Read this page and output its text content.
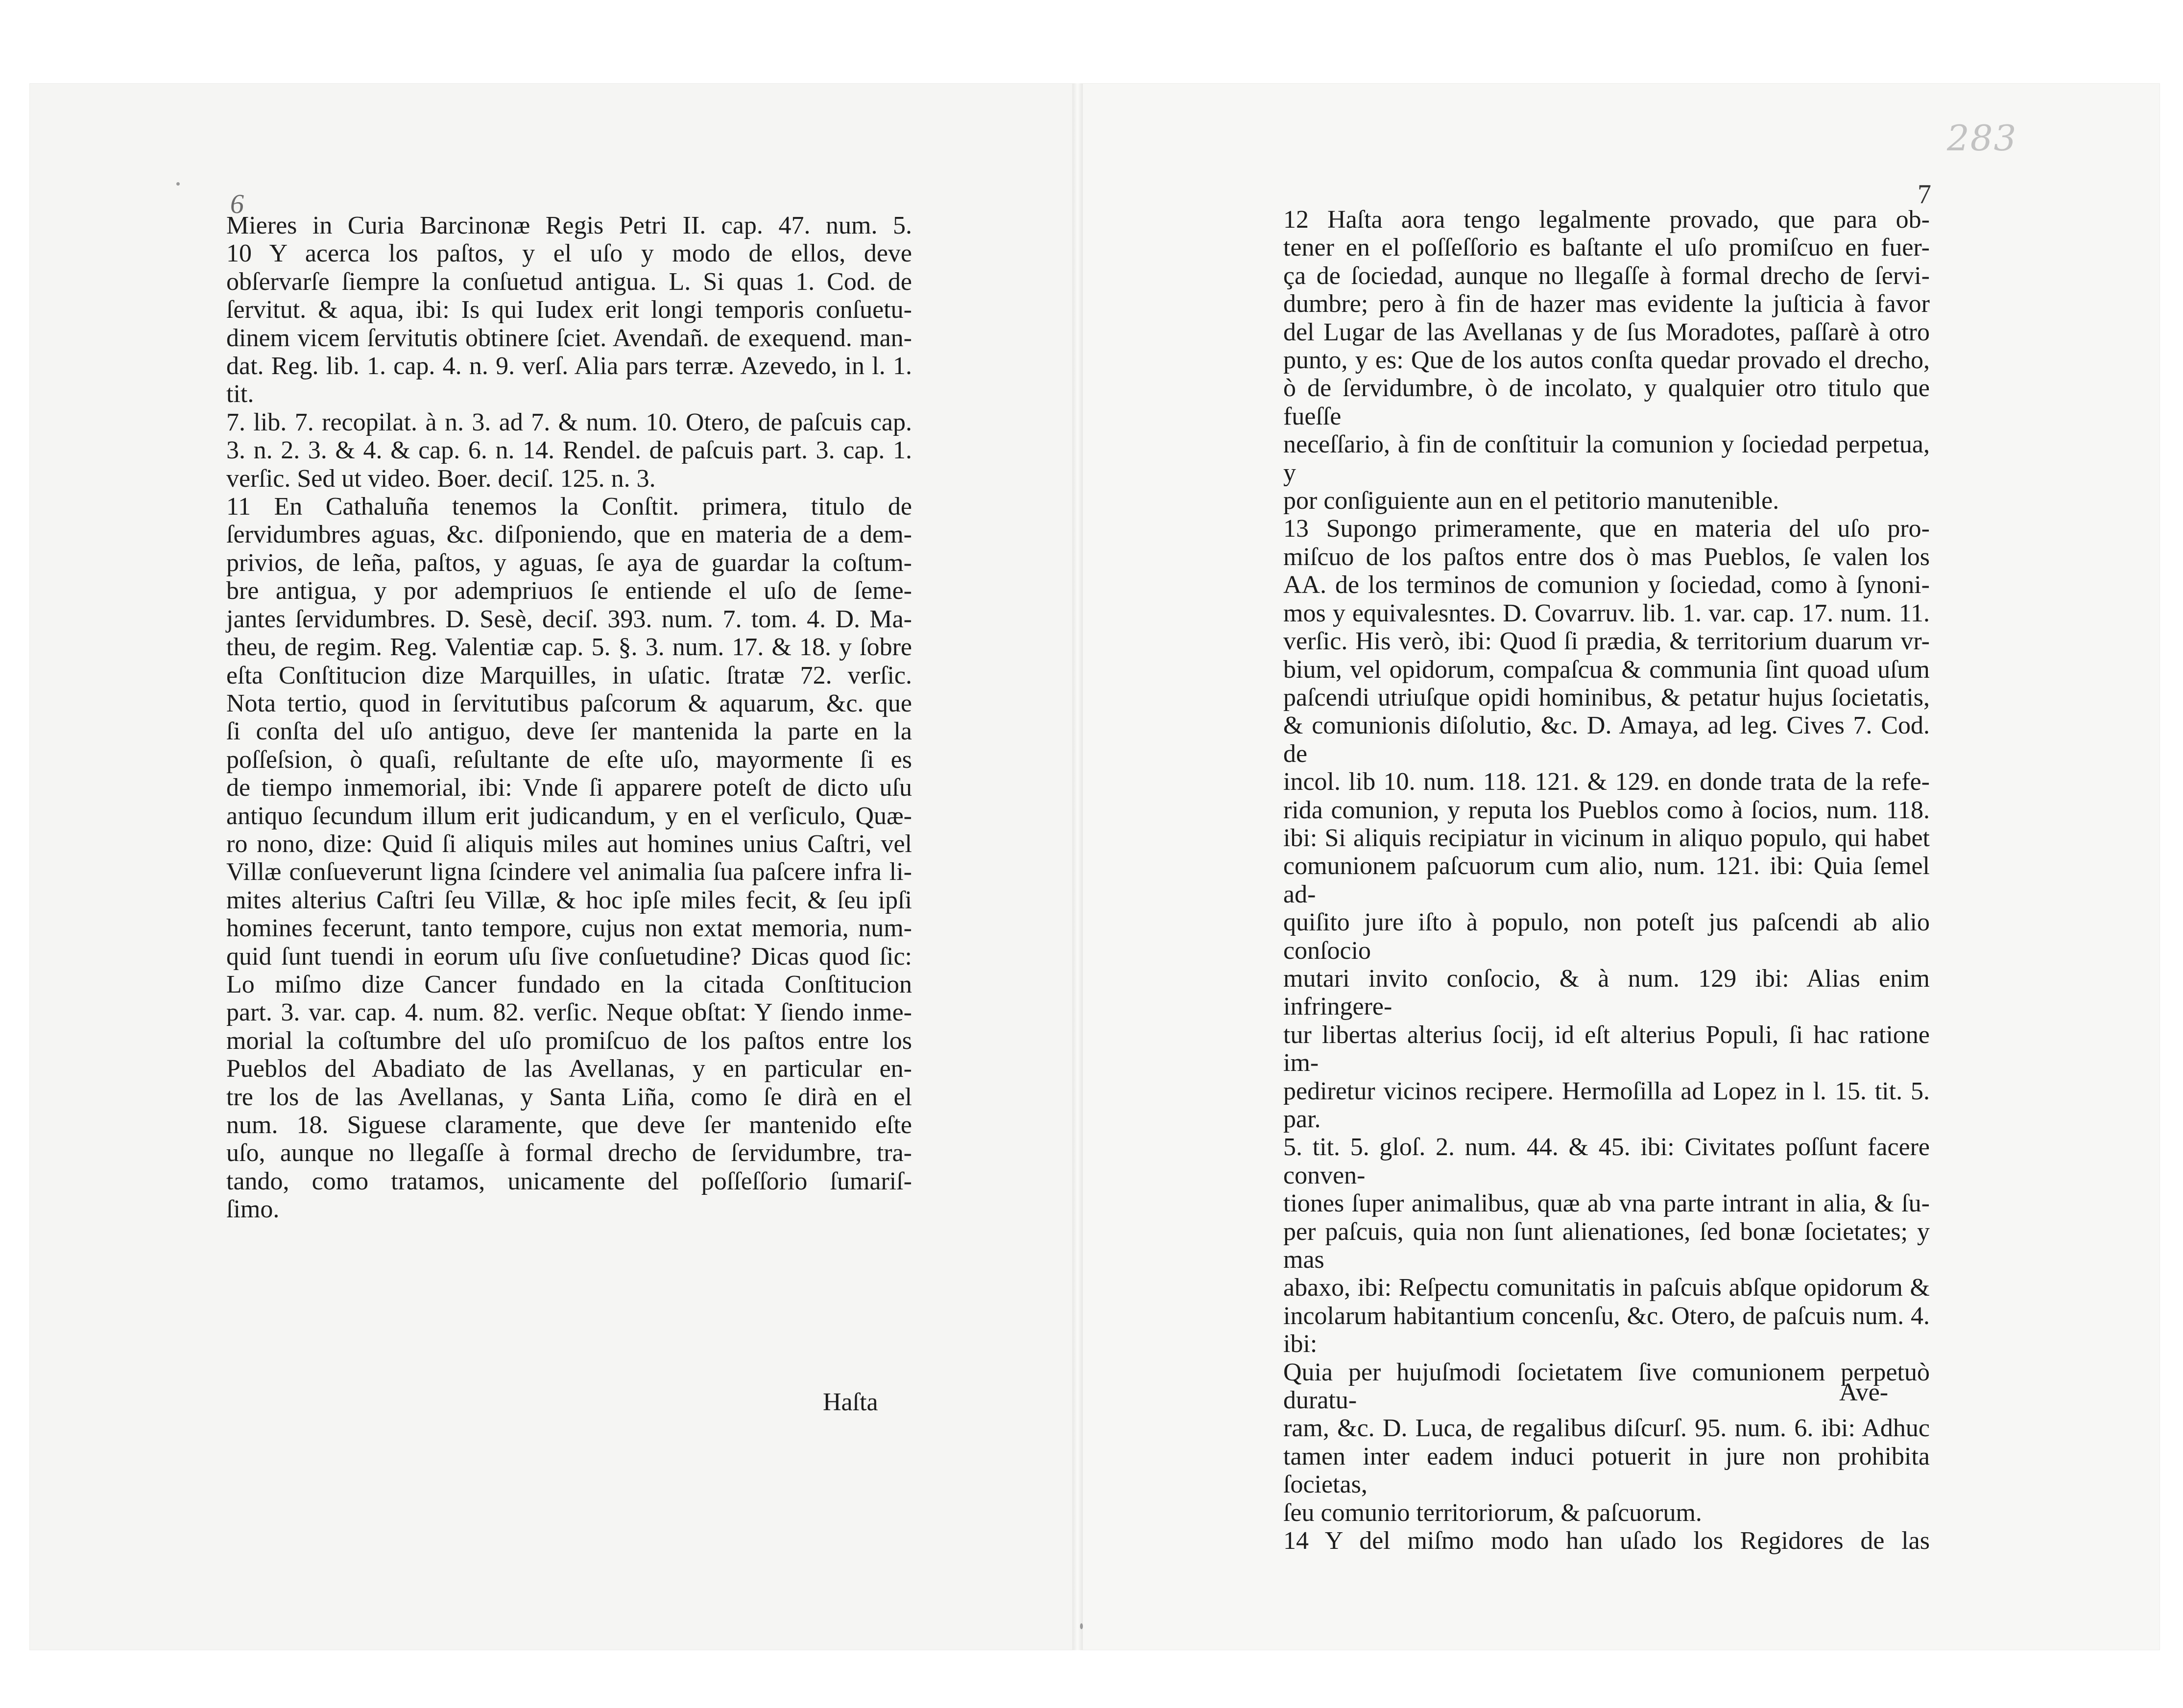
6	7
283

Mieres in Curia Barcinonæ Regis Petri II. cap. 47. num. 5.

10 Y acerca los paſtos, y el uſo y modo de ellos, deve

obſervarſe ſiempre la conſuetud antigua. L. Si quas 1. Cod. de

ſervitut. & aqua, ibi: Is qui Iudex erit longi temporis conſuetu-

dinem vicem ſervitutis obtinere ſciet. Avendañ. de exequend. man-

dat. Reg. lib. 1. cap. 4. n. 9. verſ. Alia pars terræ. Azevedo, in l. 1. tit.

7. lib. 7. recopilat. à n. 3. ad 7. & num. 10. Otero, de paſcuis cap.

3. n. 2. 3. & 4. & cap. 6. n. 14. Rendel. de paſcuis part. 3. cap. 1.

verſic. Sed ut video. Boer. deciſ. 125. n. 3.

11 En Cathaluña tenemos la Conſtit. primera, titulo de

ſervidumbres aguas, &c. diſponiendo, que en materia de a dem-

privios, de leña, paſtos, y aguas, ſe aya de guardar la coſtum-

bre antigua, y por adempriuos ſe entiende el uſo de ſeme-

jantes ſervidumbres. D. Sesè, deciſ. 393. num. 7. tom. 4. D. Ma-

theu, de regim. Reg. Valentiæ cap. 5. §. 3. num. 17. & 18. y ſobre

eſta Conſtitucion dize Marquilles, in uſatic. ſtratæ 72. verſic.

Nota tertio, quod in ſervitutibus paſcorum & aquarum, &c. que

ſi conſta del uſo antiguo, deve ſer mantenida la parte en la

poſſeſsion, ò quaſi, reſultante de eſte uſo, mayormente ſi es

de tiempo inmemorial, ibi: Vnde ſi apparere poteſt de dicto uſu

antiquo ſecundum illum erit judicandum, y en el verſiculo, Quæ-

ro nono, dize: Quid ſi aliquis miles aut homines unius Caſtri, vel

Villæ conſueverunt ligna ſcindere vel animalia ſua paſcere infra li-

mites alterius Caſtri ſeu Villæ, & hoc ipſe miles fecit, & ſeu ipſi

homines fecerunt, tanto tempore, cujus non extat memoria, num-

quid ſunt tuendi in eorum uſu ſive conſuetudine? Dicas quod ſic:

Lo miſmo dize Cancer fundado en la citada Conſtitucion

part. 3. var. cap. 4. num. 82. verſic. Neque obſtat: Y ſiendo inme-

morial la coſtumbre del uſo promiſcuo de los paſtos entre los

Pueblos del Abadiato de las Avellanas, y en particular en-

tre los de las Avellanas, y Santa Liña, como ſe dirà en el

num. 18. Siguese claramente, que deve ſer mantenido eſte

uſo, aunque no llegaſſe à formal drecho de ſervidumbre, tra-

tando, como tratamos, unicamente del poſſeſſorio ſumariſ-

ſimo.

Haſta

12 Haſta aora tengo legalmente provado, que para ob-

tener en el poſſeſſorio es baſtante el uſo promiſcuo en fuer-

ça de ſociedad, aunque no llegaſſe à formal drecho de ſervi-

dumbre; pero à fin de hazer mas evidente la juſticia à favor

del Lugar de las Avellanas y de ſus Moradotes, paſſarè à otro

punto, y es: Que de los autos conſta quedar provado el drecho,

ò de ſervidumbre, ò de incolato, y qualquier otro titulo que fueſſe

neceſſario, à fin de conſtituir la comunion y ſociedad perpetua, y

por conſiguiente aun en el petitorio manutenible.

13 Supongo primeramente, que en materia del uſo pro-

miſcuo de los paſtos entre dos ò mas Pueblos, ſe valen los

AA. de los terminos de comunion y ſociedad, como à ſynoni-

mos y equivalesntes. D. Covarruv. lib. 1. var. cap. 17. num. 11.

verſic. His verò, ibi: Quod ſi prædia, & territorium duarum vr-

bium, vel opidorum, compaſcua & communia ſint quoad uſum

paſcendi utriuſque opidi hominibus, & petatur hujus ſocietatis,

& comunionis diſolutio, &c. D. Amaya, ad leg. Cives 7. Cod. de

incol. lib 10. num. 118. 121. & 129. en donde trata de la refe-

rida comunion, y reputa los Pueblos como à ſocios, num. 118.

ibi: Si aliquis recipiatur in vicinum in aliquo populo, qui habet

comunionem paſcuorum cum alio, num. 121. ibi: Quia ſemel ad-

quiſito jure iſto à populo, non poteſt jus paſcendi ab alio conſocio

mutari invito conſocio, & à num. 129 ibi: Alias enim infringere-

tur libertas alterius ſocij, id eſt alterius Populi, ſi hac ratione im-

pediretur vicinos recipere. Hermoſilla ad Lopez in l. 15. tit. 5. par.

5. tit. 5. gloſ. 2. num. 44. & 45. ibi: Civitates poſſunt facere conven-

tiones ſuper animalibus, quæ ab vna parte intrant in alia, & ſu-

per paſcuis, quia non ſunt alienationes, ſed bonæ ſocietates; y mas

abaxo, ibi: Reſpectu comunitatis in paſcuis abſque opidorum &

incolarum habitantium concenſu, &c. Otero, de paſcuis num. 4. ibi:

Quia per hujuſmodi ſocietatem ſive comunionem perpetuò duratu-

ram, &c. D. Luca, de regalibus diſcurſ. 95. num. 6. ibi: Adhuc

tamen inter eadem induci potuerit in jure non prohibita ſocietas,

ſeu comunio territoriorum, & paſcuorum.

14 Y del miſmo modo han uſado los Regidores de las

Ave-
